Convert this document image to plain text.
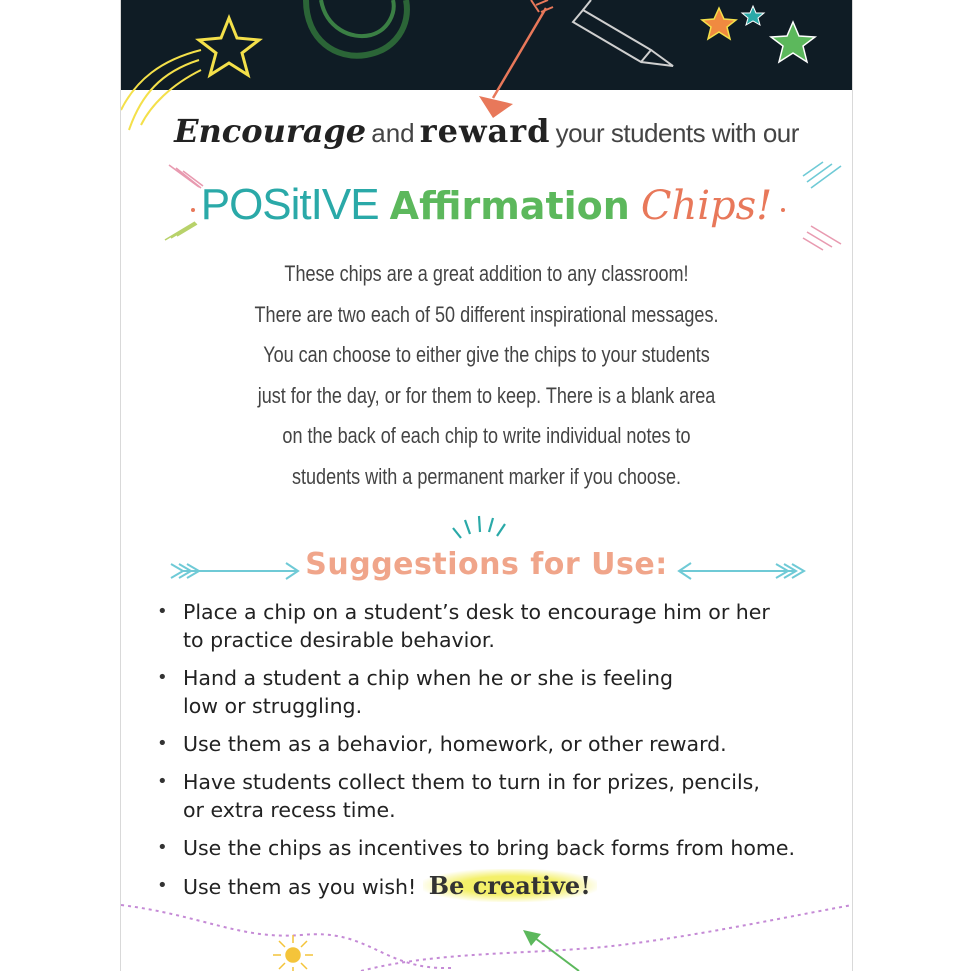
Encourage and reward your students with our
POSitIVE Affirmation Chips!
These chips are a great addition to any classroom!
There are two each of 50 different inspirational messages.
You can choose to either give the chips to your students
just for the day, or for them to keep. There is a blank area
on the back of each chip to write individual notes to
students with a permanent marker if you choose.
Suggestions for Use:
• Place a chip on a student’s desk to encourage him or her
to practice desirable behavior.
• Hand a student a chip when he or she is feeling
low or struggling.
• Use them as a behavior, homework, or other reward.
• Have students collect them to turn in for prizes, pencils,
or extra recess time.
• Use the chips as incentives to bring back forms from home.
• Use them as you wish! Be creative!
